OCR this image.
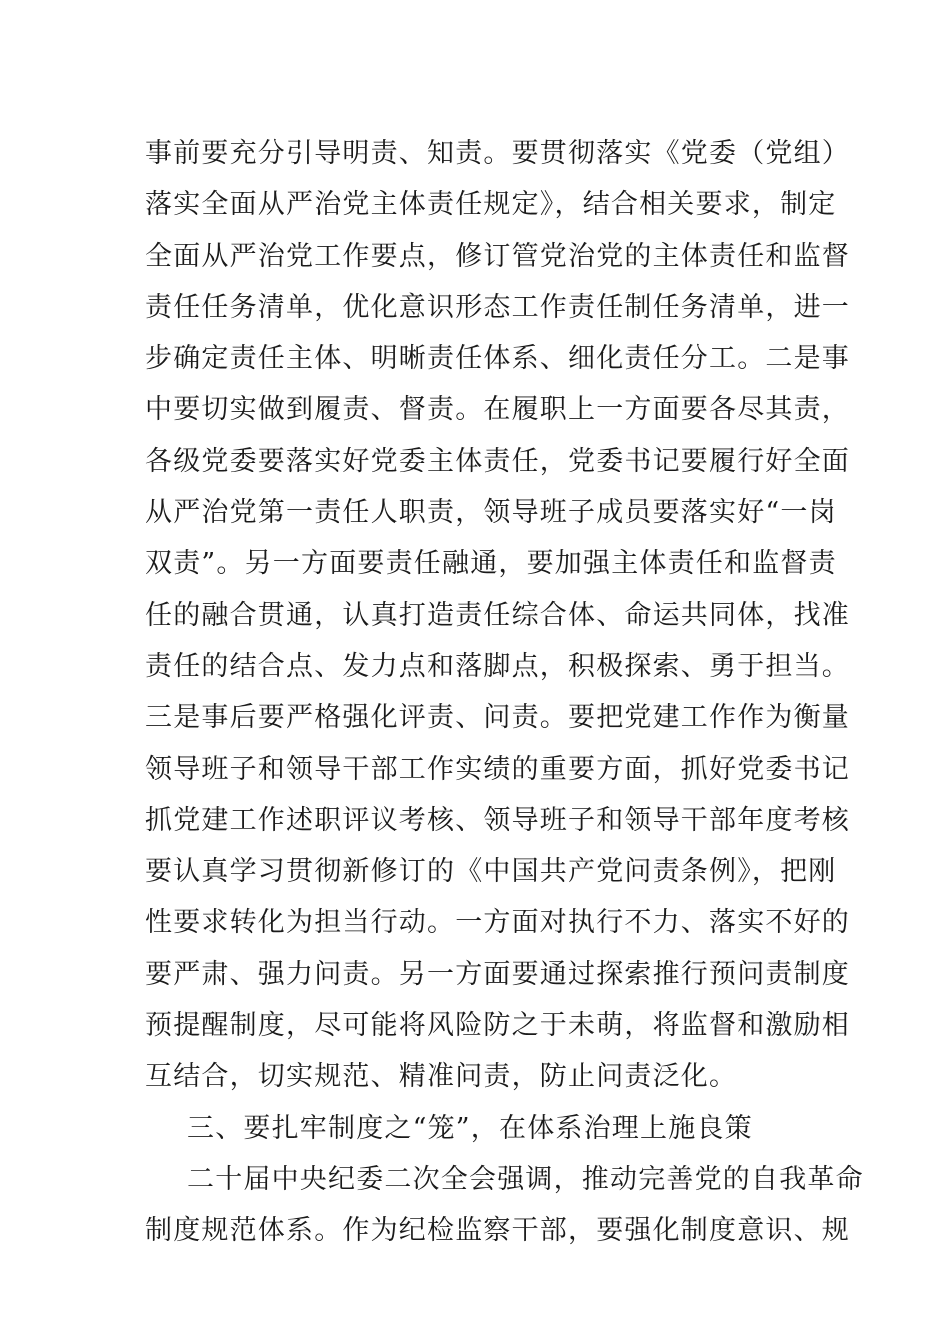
事前要充分引导明责、知责。要贯彻落实《党委（党组）
落实全面从严治党主体责任规定》，结合相关要求，制定
全面从严治党工作要点，修订管党治党的主体责任和监督
责任任务清单，优化意识形态工作责任制任务清单，进一
步确定责任主体、明晰责任体系、细化责任分工。二是事
中要切实做到履责、督责。在履职上一方面要各尽其责，
各级党委要落实好党委主体责任，党委书记要履行好全面
从严治党第一责任人职责，领导班子成员要落实好“一岗
双责”。另一方面要责任融通，要加强主体责任和监督责
任的融合贯通，认真打造责任综合体、命运共同体，找准
责任的结合点、发力点和落脚点，积极探索、勇于担当。
三是事后要严格强化评责、问责。要把党建工作作为衡量
领导班子和领导干部工作实绩的重要方面，抓好党委书记
抓党建工作述职评议考核、领导班子和领导干部年度考核
要认真学习贯彻新修订的《中国共产党问责条例》，把刚
性要求转化为担当行动。一方面对执行不力、落实不好的
要严肃、强力问责。另一方面要通过探索推行预问责制度
预提醒制度，尽可能将风险防之于未萌，将监督和激励相
互结合，切实规范、精准问责，防止问责泛化。
三、要扎牢制度之“笼”，在体系治理上施良策
二十届中央纪委二次全会强调，推动完善党的自我革命
制度规范体系。作为纪检监察干部，要强化制度意识、规
